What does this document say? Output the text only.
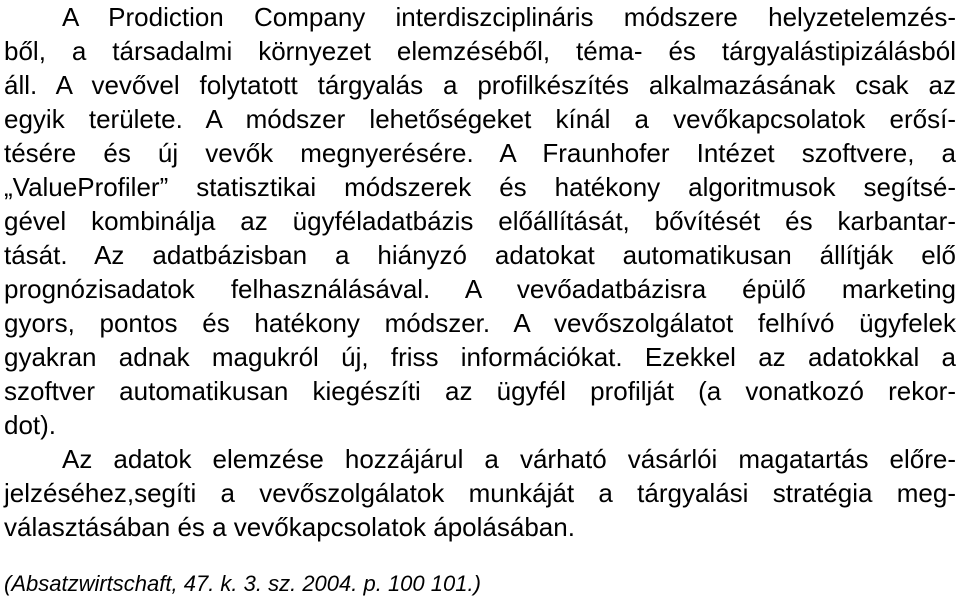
A Prodiction Company interdiszciplináris módszere helyzetelemzés-
ből, a társadalmi környezet elemzéséből, téma- és tárgyalástipizálásból
áll. A vevővel folytatott tárgyalás a profilkészítés alkalmazásának csak az
egyik területe. A módszer lehetőségeket kínál a vevőkapcsolatok erősí-
tésére és új vevők megnyerésére. A Fraunhofer Intézet szoftvere, a
„ValueProfiler” statisztikai módszerek és hatékony algoritmusok segítsé-
gével kombinálja az ügyféladatbázis előállítását, bővítését és karbantar-
tását. Az adatbázisban a hiányzó adatokat automatikusan állítják elő
prognózisadatok felhasználásával. A vevőadatbázisra épülő marketing
gyors, pontos és hatékony módszer. A vevőszolgálatot felhívó ügyfelek
gyakran adnak magukról új, friss információkat. Ezekkel az adatokkal a
szoftver automatikusan kiegészíti az ügyfél profilját (a vonatkozó rekor-
dot).
Az adatok elemzése hozzájárul a várható vásárlói magatartás előre-
jelzéséhez,segíti a vevőszolgálatok munkáját a tárgyalási stratégia meg-
választásában és a vevőkapcsolatok ápolásában.
(Absatzwirtschaft, 47. k. 3. sz. 2004. p. 100 101.)
